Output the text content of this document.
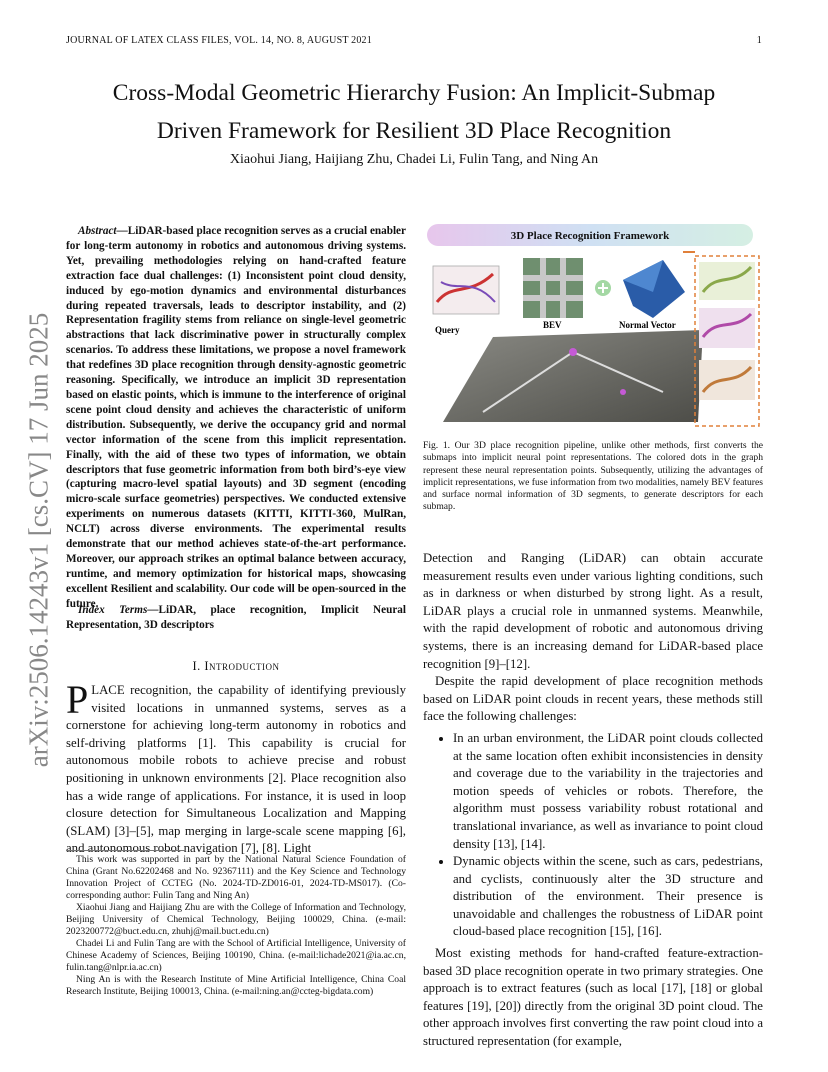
JOURNAL OF LATEX CLASS FILES, VOL. 14, NO. 8, AUGUST 2021	1
arXiv:2506.14243v1 [cs.CV] 17 Jun 2025
Cross-Modal Geometric Hierarchy Fusion: An Implicit-Submap
Driven Framework for Resilient 3D Place Recognition
Xiaohui Jiang, Haijiang Zhu, Chadei Li, Fulin Tang, and Ning An
Abstract—LiDAR-based place recognition serves as a crucial enabler for long-term autonomy in robotics and autonomous driving systems. Yet, prevailing methodologies relying on hand-crafted feature extraction face dual challenges: (1) Inconsistent point cloud density, induced by ego-motion dynamics and environmental disturbances during repeated traversals, leads to descriptor instability, and (2) Representation fragility stems from reliance on single-level geometric abstractions that lack discriminative power in structurally complex scenarios. To address these limitations, we propose a novel framework that redefines 3D place recognition through density-agnostic geometric reasoning. Specifically, we introduce an implicit 3D representation based on elastic points, which is immune to the interference of original scene point cloud density and achieves the characteristic of uniform distribution. Subsequently, we derive the occupancy grid and normal vector information of the scene from this implicit representation. Finally, with the aid of these two types of information, we obtain descriptors that fuse geometric information from both bird’s-eye view (capturing macro-level spatial layouts) and 3D segment (encoding micro-scale surface geometries) perspectives. We conducted extensive experiments on numerous datasets (KITTI, KITTI-360, MulRan, NCLT) across diverse environments. The experimental results demonstrate that our method achieves state-of-the-art performance. Moreover, our approach strikes an optimal balance between accuracy, runtime, and memory optimization for historical maps, showcasing excellent Resilient and scalability. Our code will be open-sourced in the future.
Index Terms—LiDAR, place recognition, Implicit Neural Representation, 3D descriptors
I. Introduction
PLACE recognition, the capability of identifying previously visited locations in unmanned systems, serves as a cornerstone for achieving long-term autonomy in robotics and self-driving platforms [1]. This capability is crucial for autonomous mobile robots to achieve precise and robust positioning in unknown environments [2]. Place recognition also has a wide range of applications. For instance, it is used in loop closure detection for Simultaneous Localization and Mapping (SLAM) [3]–[5], map merging in large-scale scene mapping [6], and autonomous robot navigation [7], [8]. Light

This work was supported in part by the National Natural Science Foundation of China (Grant No.62202468 and No. 92367111) and the Key Science and Technology Innovation Project of CCTEG (No. 2024-TD-ZD016-01, 2024-TD-MS017). (Co-corresponding author: Fulin Tang and Ning An)

Xiaohui Jiang and Haijiang Zhu are with the College of Information and Technology, Beijing University of Chemical Technology, Beijing 100029, China. (e-mail: 2023200772@buct.edu.cn, zhuhj@mail.buct.edu.cn)

Chadei Li and Fulin Tang are with the School of Artificial Intelligence, University of Chinese Academy of Sciences, Beijing 100190, China. (e-mail:lichade2021@ia.ac.cn, fulin.tang@nlpr.ia.ac.cn)

Ning An is with the Research Institute of Mine Artificial Intelligence, China Coal Research Institute, Beijing 100013, China. (e-mail:ning.an@ccteg-bigdata.com)

3D Place Recognition Framework
Query	BEV	Normal Vector
Fig. 1. Our 3D place recognition pipeline, unlike other methods, first converts the submaps into implicit neural point representations. The colored dots in the graph represent these neural representation points. Subsequently, utilizing the advantages of implicit representations, we fuse information from two modalities, namely BEV features and surface normal information of 3D segments, to generate descriptors for each submap.

Detection and Ranging (LiDAR) can obtain accurate measurement results even under various lighting conditions, such as in darkness or when disturbed by strong light. As a result, LiDAR plays a crucial role in unmanned systems. Meanwhile, with the rapid development of robotic and autonomous driving systems, there is an increasing demand for LiDAR-based place recognition [9]–[12].

Despite the rapid development of place recognition methods based on LiDAR point clouds in recent years, these methods still face the following challenges:

• In an urban environment, the LiDAR point clouds collected at the same location often exhibit inconsistencies in density and coverage due to the variability in the trajectories and motion speeds of vehicles or robots. Therefore, the algorithm must possess variability robust rotational and translational invariance, as well as invariance to point cloud density [13], [14].
• Dynamic objects within the scene, such as cars, pedestrians, and cyclists, continuously alter the 3D structure and distribution of the environment. Their presence is unavoidable and challenges the robustness of LiDAR point cloud-based place recognition [15], [16].

Most existing methods for hand-crafted feature-extraction-based 3D place recognition operate in two primary strategies. One approach is to extract features (such as local [17], [18] or global features [19], [20]) directly from the original 3D point cloud. The other approach involves first converting the raw point cloud into a structured representation (for example,
